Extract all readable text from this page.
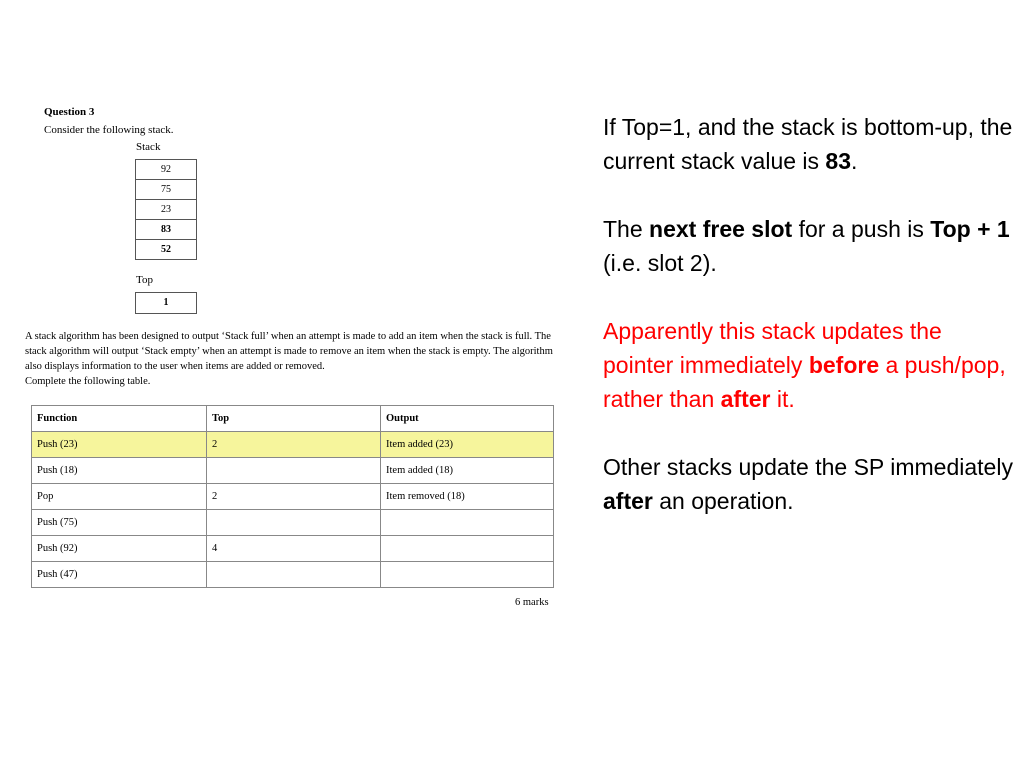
Question 3
Consider the following stack.
Stack
92
75
23
83
52
Top
1

A stack algorithm has been designed to output ‘Stack full’ when an attempt is made to add an item when the stack is full. The stack algorithm will output ‘Stack empty’ when an attempt is made to remove an item when the stack is empty. The algorithm also displays information to the user when items are added or removed.

Complete the following table.

Function	Top	Output
Push (23)	2	Item added (23)
Push (18)		Item added (18)
Pop	2	Item removed (18)
Push (75)		
Push (92)	4	
Push (47)		
6 marks

If Top=1, and the stack is bottom-up, the current stack value is 83.

The next free slot for a push is Top + 1 (i.e. slot 2).

Apparently this stack updates the pointer immediately before a push/pop, rather than after it.

Other stacks update the SP immediately after an operation.
